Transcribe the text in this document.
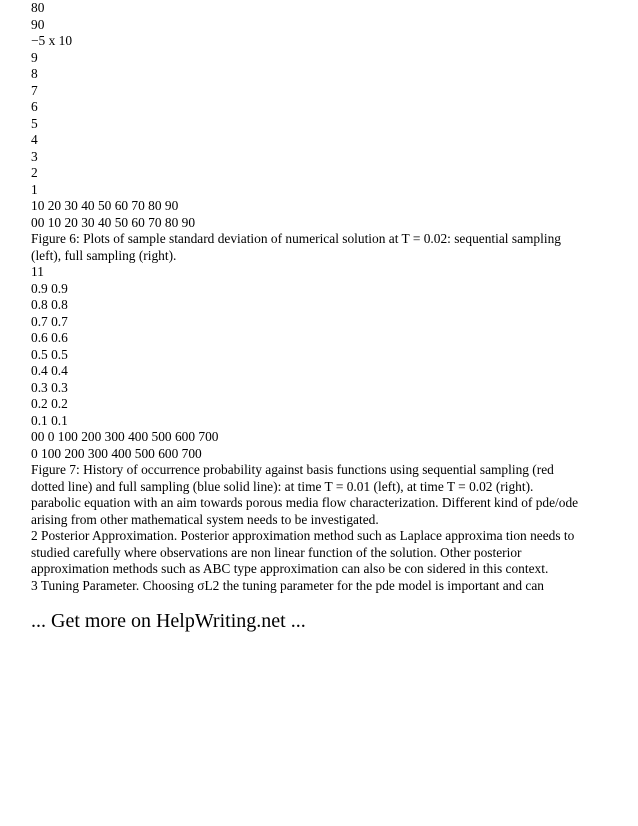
80

90

−5 x 10

9

8

7

6

5

4

3

2

1

10 20 30 40 50 60 70 80 90

00 10 20 30 40 50 60 70 80 90

Figure 6: Plots of sample standard deviation of numerical solution at T = 0.02: sequential sampling

(left), full sampling (right).

11

0.9 0.9

0.8 0.8

0.7 0.7

0.6 0.6

0.5 0.5

0.4 0.4

0.3 0.3

0.2 0.2

0.1 0.1

00 0 100 200 300 400 500 600 700

0 100 200 300 400 500 600 700

Figure 7: History of occurrence probability against basis functions using sequential sampling (red

dotted line) and full sampling (blue solid line): at time T = 0.01 (left), at time T = 0.02 (right).

parabolic equation with an aim towards porous media flow characterization. Different kind of pde/ode

arising from other mathematical system needs to be investigated.

2 Posterior Approximation. Posterior approximation method such as Laplace approxima tion needs to

studied carefully where observations are non linear function of the solution. Other posterior

approximation methods such as ABC type approximation can also be con sidered in this context.

3 Tuning Parameter. Choosing σL2 the tuning parameter for the pde model is important and can

... Get more on HelpWriting.net ...
